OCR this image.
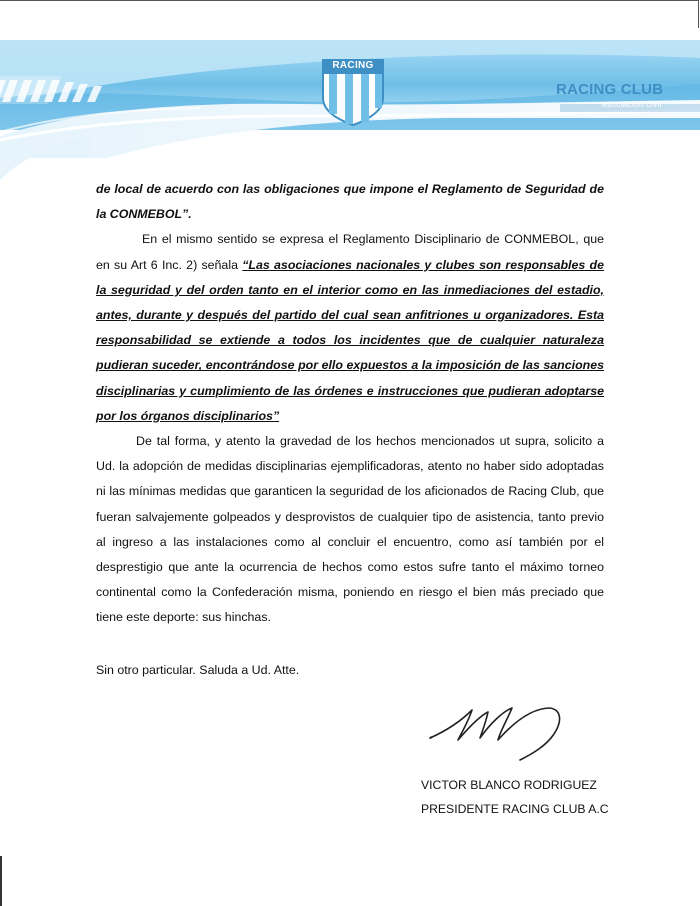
RACING
RACING CLUB
asociación civil

de local de acuerdo con las obligaciones que impone el Reglamento de Seguridad de la CONMEBOL”.

En el mismo sentido se expresa el Reglamento Disciplinario de CONMEBOL, que en su Art 6 Inc. 2) señala “Las asociaciones nacionales y clubes son responsables de la seguridad y del orden tanto en el interior como en las inmediaciones del estadio, antes, durante y después del partido del cual sean anfitriones u organizadores. Esta responsabilidad se extiende a todos los incidentes que de cualquier naturaleza pudieran suceder, encontrándose por ello expuestos a la imposición de las sanciones disciplinarias y cumplimiento de las órdenes e instrucciones que pudieran adoptarse por los órganos disciplinarios”

De tal forma, y atento la gravedad de los hechos mencionados ut supra, solicito a Ud. la adopción de medidas disciplinarias ejemplificadoras, atento no haber sido adoptadas ni las mínimas medidas que garanticen la seguridad de los aficionados de Racing Club, que fueran salvajemente golpeados y desprovistos de cualquier tipo de asistencia, tanto previo al ingreso a las instalaciones como al concluir el encuentro, como así también por el desprestigio que ante la ocurrencia de hechos como estos sufre tanto el máximo torneo continental como la Confederación misma, poniendo en riesgo el bien más preciado que tiene este deporte: sus hinchas.

Sin otro particular. Saluda a Ud. Atte.

VICTOR BLANCO RODRIGUEZ
PRESIDENTE RACING CLUB A.C
